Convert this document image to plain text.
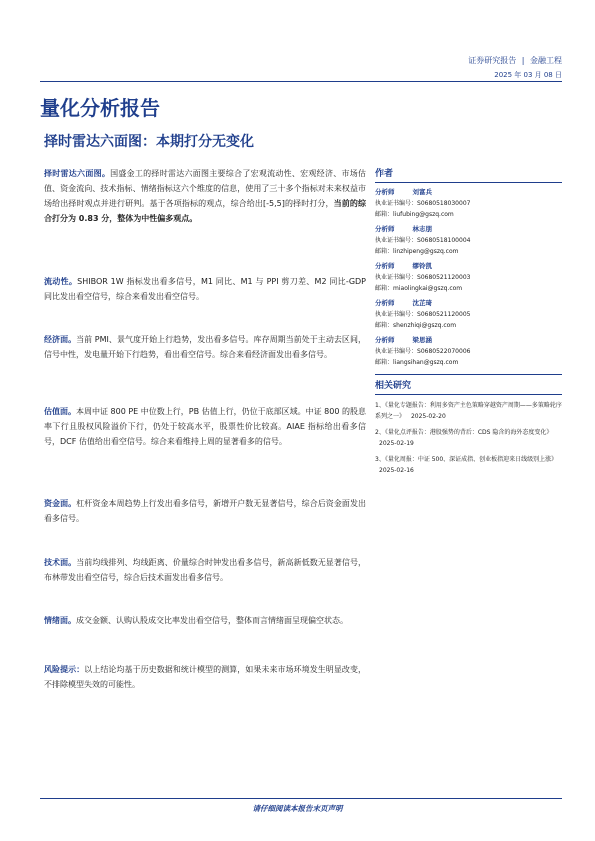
证券研究报告 | 金融工程
2025 年 03 月 08 日
量化分析报告
择时雷达六面图：本期打分无变化
择时雷达六面图。国盛金工的择时雷达六面图主要综合了宏观流动性、宏观经济、市场估值、资金流向、技术指标、情绪指标这六个维度的信息，使用了三十多个指标对未来权益市场给出择时观点并进行研判。基于各项指标的观点，综合给出[-5,5]的择时打分，当前的综合打分为 0.83 分，整体为中性偏多观点。
流动性。SHIBOR 1W 指标发出看多信号，M1 同比、M1 与 PPI 剪刀差、M2 同比-GDP 同比发出看空信号，综合来看发出看空信号。
经济面。当前 PMI、景气度开始上行趋势，发出看多信号。库存周期当前处于主动去区间，信号中性，发电量开始下行趋势，看出看空信号。综合来看经济面发出看多信号。
估值面。本周中证 800 PE 中位数上行，PB 估值上行，仍位于底部区域。中证 800 的股息率下行且股权风险溢价下行，仍处于较高水平，股票性价比较高。AIAE 指标给出看多信号，DCF 估值给出看空信号。综合来看维持上周的显著看多的信号。
资金面。杠杆资金本周趋势上行发出看多信号，新增开户数无显著信号，综合后资金面发出看多信号。
技术面。当前均线排列、均线距离、价量综合时钟发出看多信号，新高新低数无显著信号，布林带发出看空信号，综合后技术面发出看多信号。
情绪面。成交金额、认购认股成交比率发出看空信号，整体而言情绪面呈现偏空状态。
风险提示：以上结论均基于历史数据和统计模型的测算，如果未来市场环境发生明显改变，不排除模型失效的可能性。
作者
分析师	刘富兵
执业证书编号：S0680518030007
邮箱：liufubing@gszq.com
分析师	林志朋
执业证书编号：S0680518100004
邮箱：linzhipeng@gszq.com
分析师	缪铃凯
执业证书编号：S0680521120003
邮箱：miaolingkai@gszq.com
分析师	沈芷琦
执业证书编号：S0680521120005
邮箱：shenzhiqi@gszq.com
分析师	梁思涵
执业证书编号：S0680522070006
邮箱：liangsihan@gszq.com
相关研究
1、《量化专题报告：利用多资产主色策略穿越资产周期——多策略轮序系列之一》 2025-02-20
2、《量化点评报告：港股强势的背后：CDS 隐含的海外态度变化》 2025-02-19
3、《量化周报：中证 500、深证成指、创业板指迎来日线级别上涨》 2025-02-16
请仔细阅读本报告末页声明
